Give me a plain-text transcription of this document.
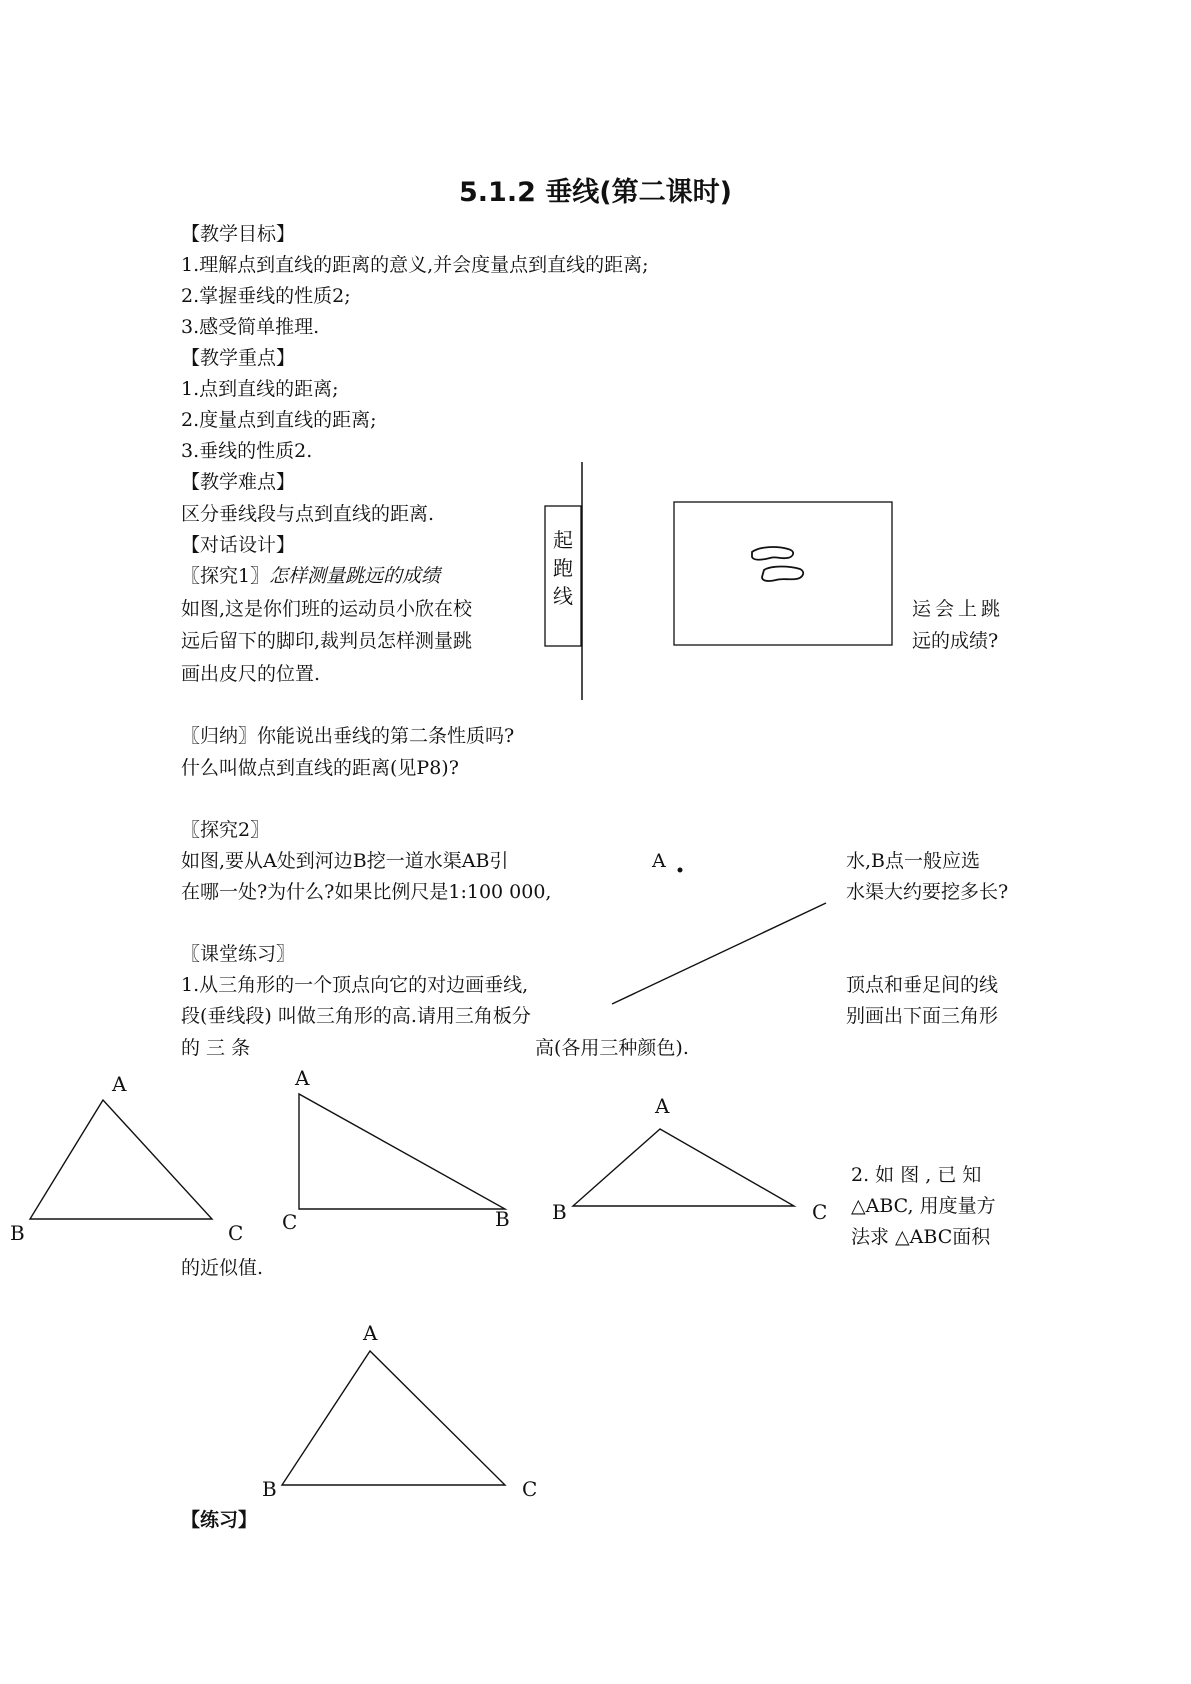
5.1.2 垂线(第二课时)
【教学目标】
1.理解点到直线的距离的意义,并会度量点到直线的距离;
2.掌握垂线的性质2;
3.感受简单推理.
【教学重点】
1.点到直线的距离;
2.度量点到直线的距离;
3.垂线的性质2.
【教学难点】
区分垂线段与点到直线的距离.
【对话设计】
〖探究1〗怎样测量跳远的成绩
如图,这是你们班的运动员小欣在校
远后留下的脚印,裁判员怎样测量跳
画出皮尺的位置.
运会上跳
远的成绩?
起
跑
线
〖归纳〗你能说出垂线的第二条性质吗?
什么叫做点到直线的距离(见P8)?
〖探究2〗
如图,要从A处到河边B挖一道水渠AB引
在哪一处?为什么?如果比例尺是1:100 000,
水,B点一般应选
水渠大约要挖多长?
A
〖课堂练习〗
1.从三角形的一个顶点向它的对边画垂线,
段(垂线段) 叫做三角形的高.请用三角板分
的 三 条
顶点和垂足间的线
别画出下面三角形
高(各用三种颜色).
2. 如 图 , 已 知
△ABC, 用度量方
法求 △ABC面积
的近似值.
【练习】
A
B	C
A
C	B
A
B	C
A
B	C
